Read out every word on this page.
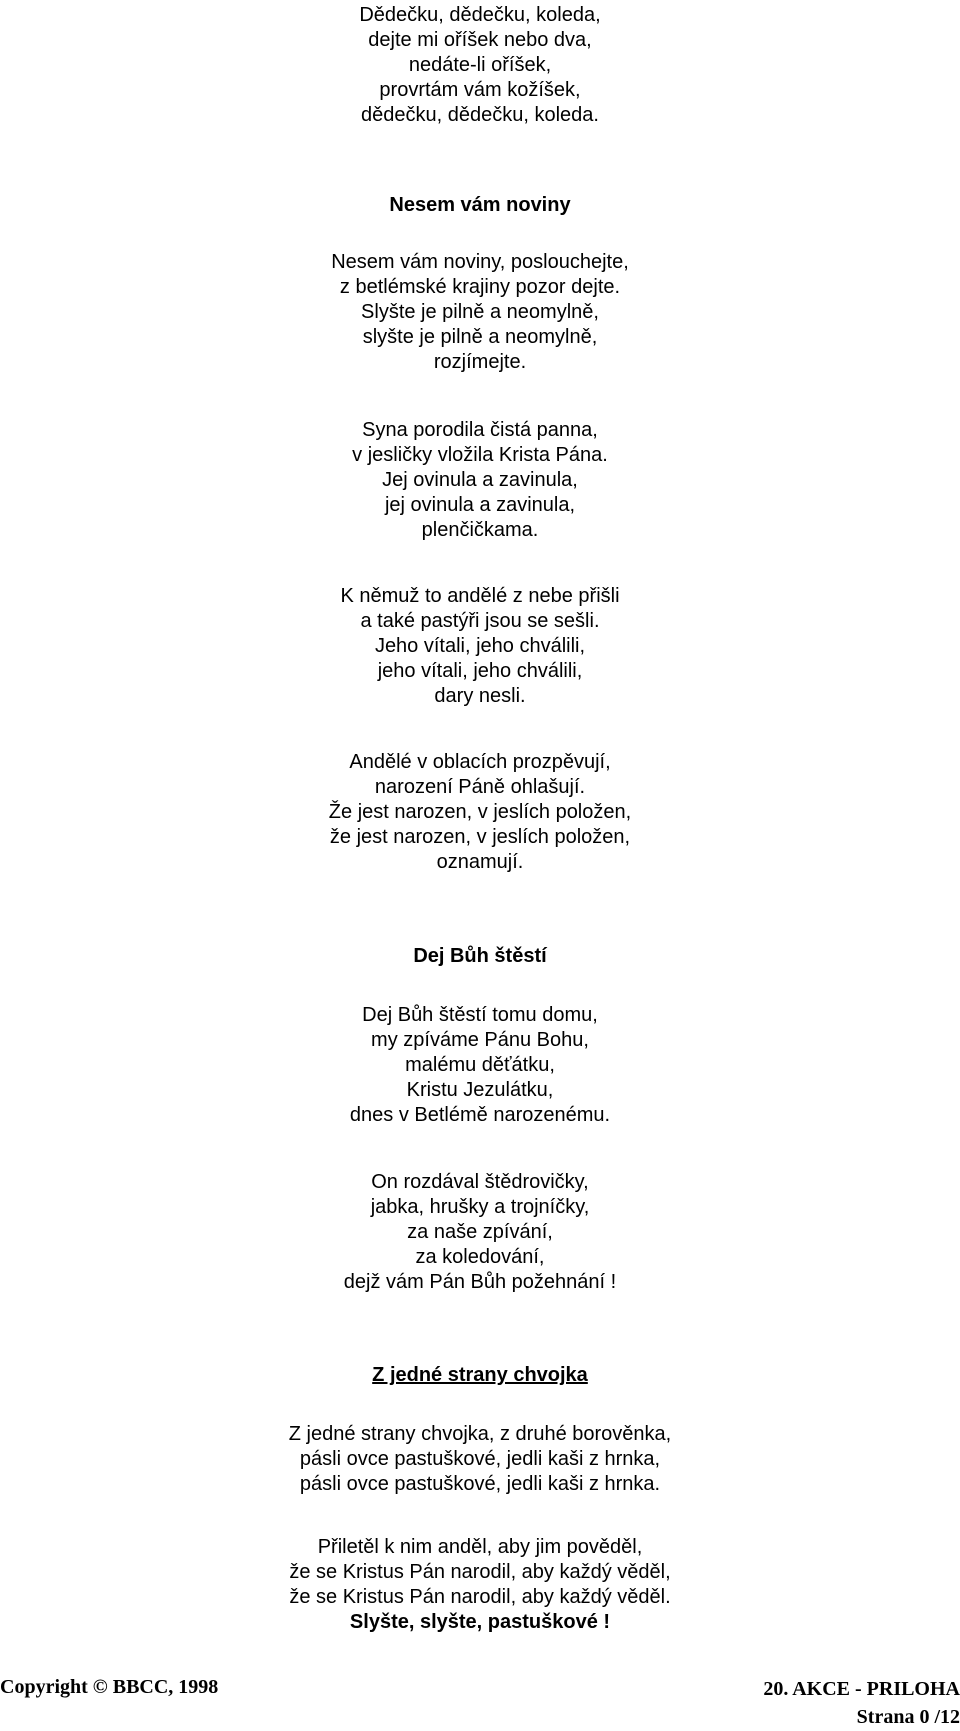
Dědečku, dědečku, koleda,
dejte mi oříšek nebo dva,
nedáte-li oříšek,
provrtám vám kožíšek,
dědečku, dědečku, koleda.
Nesem vám noviny
Nesem vám noviny, poslouchejte,
z betlémské krajiny pozor dejte.
Slyšte je pilně a neomylně,
slyšte je pilně a neomylně,
rozjímejte.
Syna porodila čistá panna,
v jesličky vložila Krista Pána.
Jej ovinula a zavinula,
jej ovinula a zavinula,
plenčičkama.
K němuž to andělé z nebe přišli
a také pastýři jsou se sešli.
Jeho vítali, jeho chválili,
jeho vítali, jeho chválili,
dary nesli.
Andělé v oblacích prozpěvují,
narození Páně ohlašují.
Že jest narozen, v jeslích položen,
že jest narozen, v jeslích položen,
oznamují.
Dej Bůh štěstí
Dej Bůh štěstí tomu domu,
my zpíváme Pánu Bohu,
malému děťátku,
Kristu Jezulátku,
dnes v Betlémě narozenému.
On rozdával štědrovičky,
jabka, hrušky a trojníčky,
za naše zpívání,
za koledování,
dejž vám Pán Bůh požehnání !
Z jedné strany chvojka
Z jedné strany chvojka, z druhé borověnka,
pásli ovce pastuškové, jedli kaši z hrnka,
pásli ovce pastuškové, jedli kaši z hrnka.
Přiletěl k nim anděl, aby jim pověděl,
že se Kristus Pán narodil, aby každý věděl,
že se Kristus Pán narodil, aby každý věděl.
Slyšte, slyšte, pastuškové !
Copyright © BBCC, 1998	20. AKCE - PRILOHA
Strana 0 /12
